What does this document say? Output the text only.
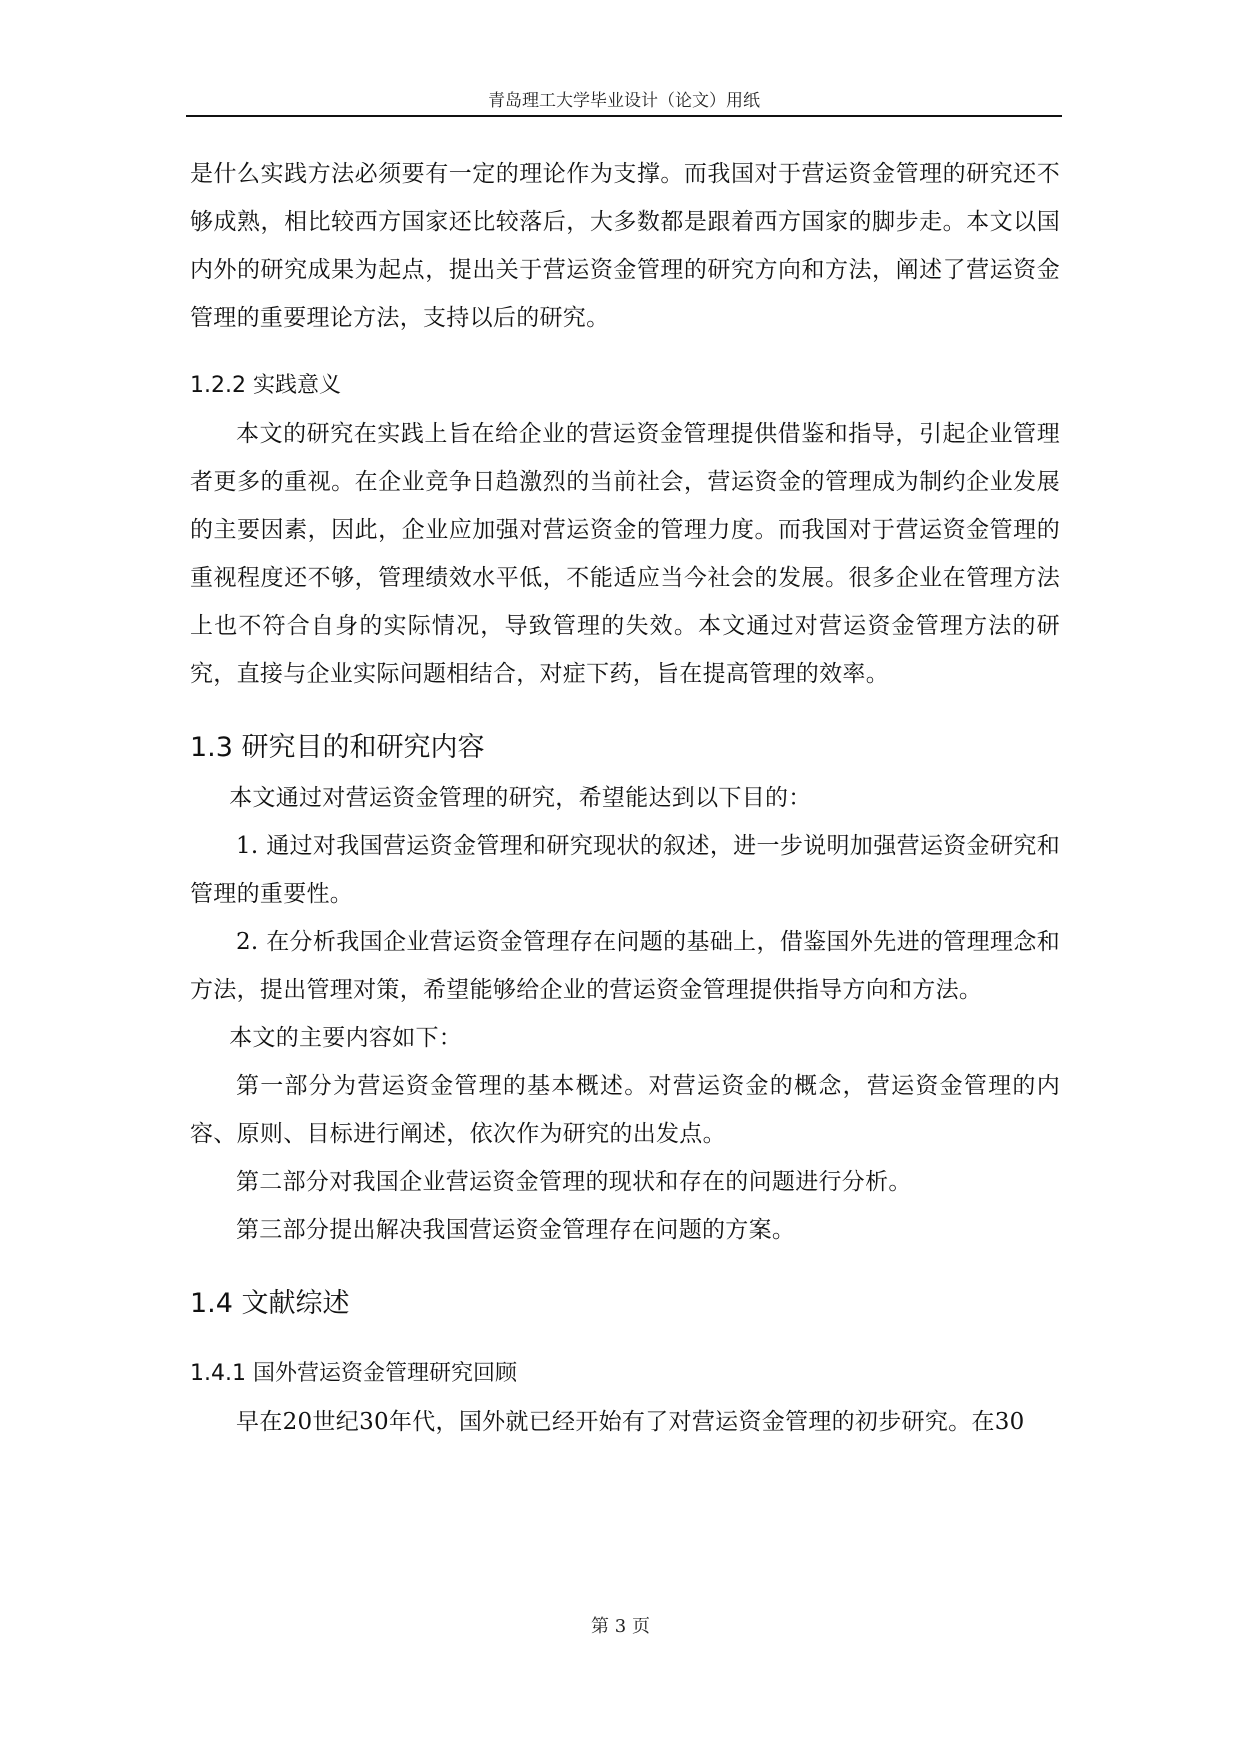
青岛理工大学毕业设计（论文）用纸

是什么实践方法必须要有一定的理论作为支撑。而我国对于营运资金管理的研究还不够成熟，相比较西方国家还比较落后，大多数都是跟着西方国家的脚步走。本文以国内外的研究成果为起点，提出关于营运资金管理的研究方向和方法，阐述了营运资金管理的重要理论方法，支持以后的研究。

1.2.2 实践意义

本文的研究在实践上旨在给企业的营运资金管理提供借鉴和指导，引起企业管理者更多的重视。在企业竞争日趋激烈的当前社会，营运资金的管理成为制约企业发展的主要因素，因此，企业应加强对营运资金的管理力度。而我国对于营运资金管理的重视程度还不够，管理绩效水平低，不能适应当今社会的发展。很多企业在管理方法上也不符合自身的实际情况，导致管理的失效。本文通过对营运资金管理方法的研究，直接与企业实际问题相结合，对症下药，旨在提高管理的效率。

1.3 研究目的和研究内容

本文通过对营运资金管理的研究，希望能达到以下目的：

1. 通过对我国营运资金管理和研究现状的叙述，进一步说明加强营运资金研究和管理的重要性。

2. 在分析我国企业营运资金管理存在问题的基础上，借鉴国外先进的管理理念和方法，提出管理对策，希望能够给企业的营运资金管理提供指导方向和方法。

本文的主要内容如下：

第一部分为营运资金管理的基本概述。对营运资金的概念，营运资金管理的内容、原则、目标进行阐述，依次作为研究的出发点。

第二部分对我国企业营运资金管理的现状和存在的问题进行分析。

第三部分提出解决我国营运资金管理存在问题的方案。

1.4 文献综述
1.4.1 国外营运资金管理研究回顾

早在20世纪30年代，国外就已经开始有了对营运资金管理的初步研究。在30

第 3 页
